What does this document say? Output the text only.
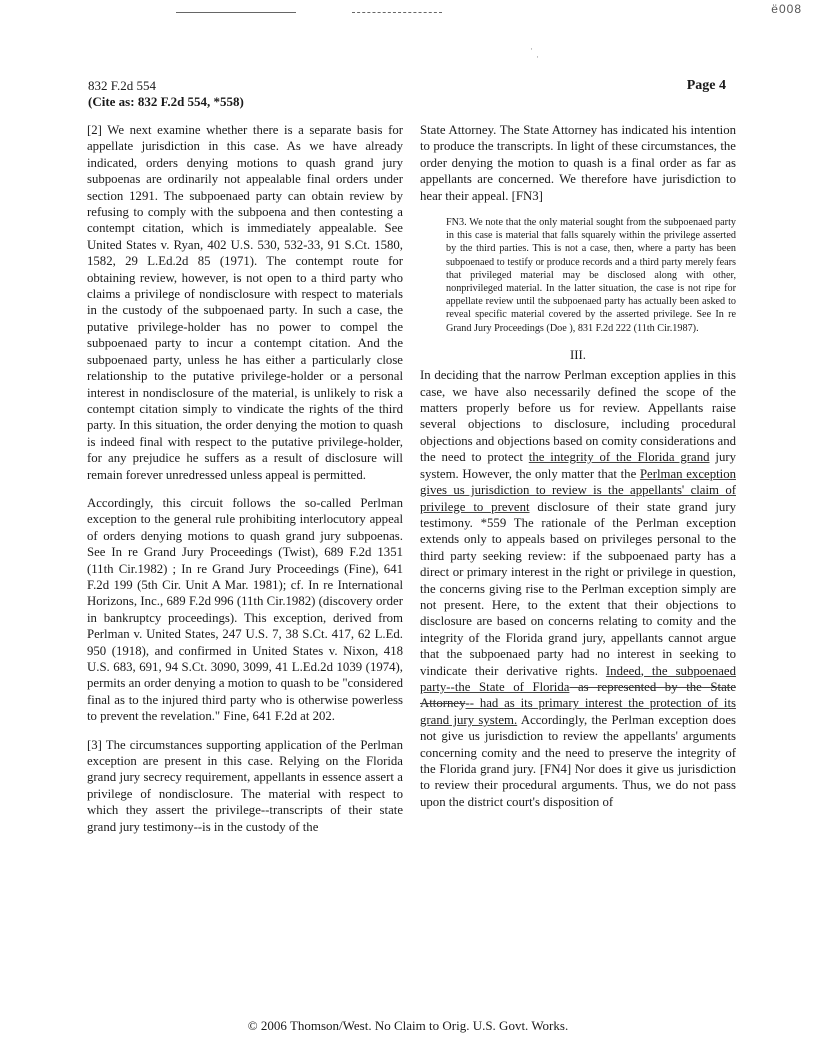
ë008
·
·
832 F.2d 554
(Cite as: 832 F.2d 554, *558)
Page 4

[2] We next examine whether there is a separate basis for appellate jurisdiction in this case. As we have already indicated, orders denying motions to quash grand jury subpoenas are ordinarily not appealable final orders under section 1291. The subpoenaed party can obtain review by refusing to comply with the subpoena and then contesting a contempt citation, which is immediately appealable. See United States v. Ryan, 402 U.S. 530, 532-33, 91 S.Ct. 1580, 1582, 29 L.Ed.2d 85 (1971). The contempt route for obtaining review, however, is not open to a third party who claims a privilege of nondisclosure with respect to materials in the custody of the subpoenaed party. In such a case, the putative privilege-holder has no power to compel the subpoenaed party to incur a contempt citation. And the subpoenaed party, unless he has either a particularly close relationship to the putative privilege-holder or a personal interest in nondisclosure of the material, is unlikely to risk a contempt citation simply to vindicate the rights of the third party. In this situation, the order denying the motion to quash is indeed final with respect to the putative privilege-holder, for any prejudice he suffers as a result of disclosure will remain forever unredressed unless appeal is permitted.

Accordingly, this circuit follows the so-called Perlman exception to the general rule prohibiting interlocutory appeal of orders denying motions to quash grand jury subpoenas. See In re Grand Jury Proceedings (Twist), 689 F.2d 1351 (11th Cir.1982) ; In re Grand Jury Proceedings (Fine), 641 F.2d 199 (5th Cir. Unit A Mar. 1981); cf. In re International Horizons, Inc., 689 F.2d 996 (11th Cir.1982) (discovery order in bankruptcy proceedings). This exception, derived from Perlman v. United States, 247 U.S. 7, 38 S.Ct. 417, 62 L.Ed. 950 (1918), and confirmed in United States v. Nixon, 418 U.S. 683, 691, 94 S.Ct. 3090, 3099, 41 L.Ed.2d 1039 (1974), permits an order denying a motion to quash to be "considered final as to the injured third party who is otherwise powerless to prevent the revelation." Fine, 641 F.2d at 202.

[3] The circumstances supporting application of the Perlman exception are present in this case. Relying on the Florida grand jury secrecy requirement, appellants in essence assert a privilege of nondisclosure. The material with respect to which they assert the privilege--transcripts of their state grand jury testimony--is in the custody of the

State Attorney. The State Attorney has indicated his intention to produce the transcripts. In light of these circumstances, the order denying the motion to quash is a final order as far as appellants are concerned. We therefore have jurisdiction to hear their appeal. [FN3]

FN3. We note that the only material sought from the subpoenaed party in this case is material that falls squarely within the privilege asserted by the third parties. This is not a case, then, where a party has been subpoenaed to testify or produce records and a third party merely fears that privileged material may be disclosed along with other, nonprivileged material. In the latter situation, the case is not ripe for appellate review until the subpoenaed party has actually been asked to reveal specific material covered by the asserted privilege. See In re Grand Jury Proceedings (Doe ), 831 F.2d 222 (11th Cir.1987).
III.

In deciding that the narrow Perlman exception applies in this case, we have also necessarily defined the scope of the matters properly before us for review. Appellants raise several objections to disclosure, including procedural objections and objections based on comity considerations and the need to protect the integrity of the Florida grand jury system. However, the only matter that the Perlman exception gives us jurisdiction to review is the appellants' claim of privilege to prevent disclosure of their state grand jury testimony. *559 The rationale of the Perlman exception extends only to appeals based on privileges personal to the third party seeking review: if the subpoenaed party has a direct or primary interest in the right or privilege in question, the concerns giving rise to the Perlman exception simply are not present. Here, to the extent that their objections to disclosure are based on concerns relating to comity and the integrity of the Florida grand jury, appellants cannot argue that the subpoenaed party had no interest in seeking to vindicate their derivative rights. Indeed, the subpoenaed party--the State of Florida as represented by the State Attorney-- had as its primary interest the protection of its grand jury system. Accordingly, the Perlman exception does not give us jurisdiction to review the appellants' arguments concerning comity and the need to preserve the integrity of the Florida grand jury. [FN4] Nor does it give us jurisdiction to review their procedural arguments. Thus, we do not pass upon the district court's disposition of

© 2006 Thomson/West. No Claim to Orig. U.S. Govt. Works.
